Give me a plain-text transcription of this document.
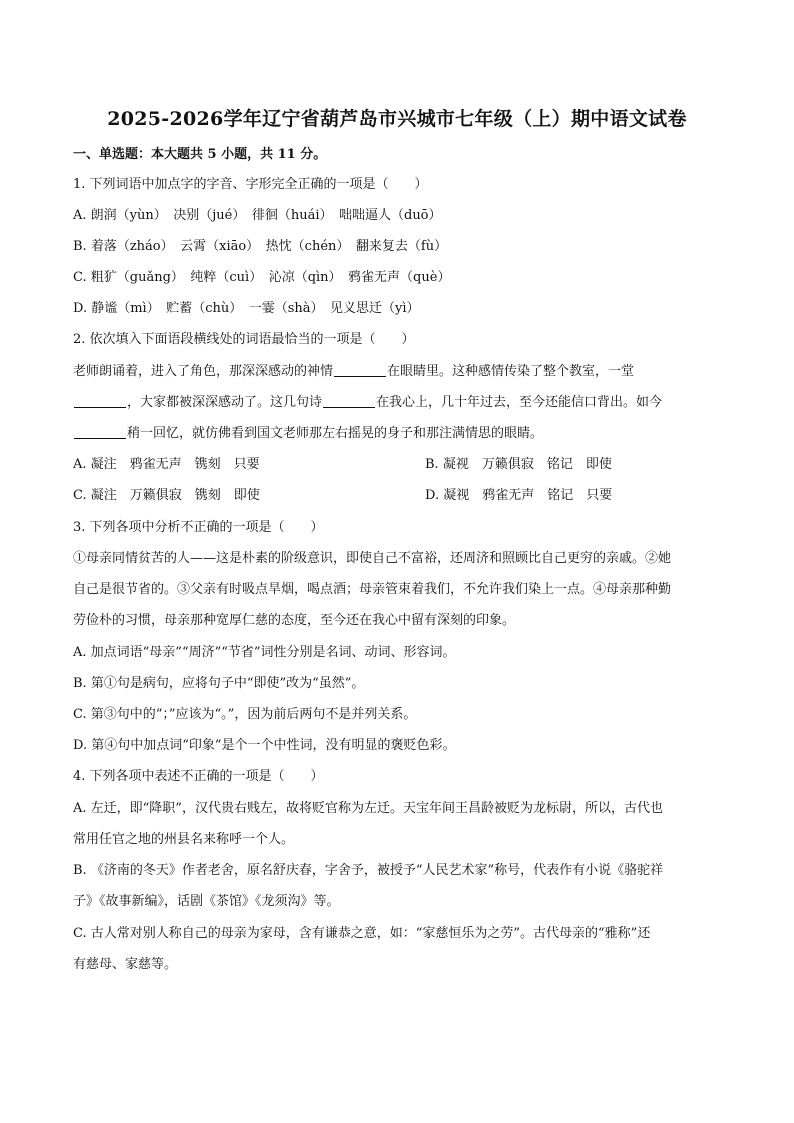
2025-2026学年辽宁省葫芦岛市兴城市七年级（上）期中语文试卷
一、单选题：本大题共 5 小题，共 11 分。
1. 下列词语中加点字的字音、字形完全正确的一项是（　　）
A. 朗润（yùn）　决别（jué）　徘徊（huái）　咄咄逼人（duō）
B. 着落（zháo）　云霄（xiāo）　热忱（chén）　翻来复去（fù）
C. 粗犷（guǎng）　纯粹（cuì）　沁凉（qìn）　鸦雀无声（què）
D. 静谧（mì）　贮蓄（chù）　一霎（shà）　见义思迁（yì）
2. 依次填入下面语段横线处的词语最恰当的一项是（　　）
老师朗诵着，进入了角色，那深深感动的神情	在眼睛里。这种感情传染了整个教室，一堂
，大家都被深深感动了。这几句诗	在我心上，几十年过去，至今还能信口背出。如今
稍一回忆，就仿佛看到国文老师那左右摇晃的身子和那注满情思的眼睛。
A. 凝注　鸦雀无声　镌刻　只要	B. 凝视　万籁俱寂　铭记　即使
C. 凝注　万籁俱寂　镌刻　即使	D. 凝视　鸦雀无声　铭记　只要
3. 下列各项中分析不正确的一项是（　　）
①母亲同情贫苦的人——这是朴素的阶级意识，即使自己不富裕，还周济和照顾比自己更穷的亲戚。②她
自己是很节省的。③父亲有时吸点旱烟，喝点酒；母亲管束着我们，不允许我们染上一点。④母亲那种勤
劳俭朴的习惯，母亲那种宽厚仁慈的态度，至今还在我心中留有深刻的印象。
A. 加点词语“母亲”“周济”“节省”词性分别是名词、动词、形容词。
B. 第①句是病句，应将句子中“即使”改为“虽然”。
C. 第③句中的“；”应该为“。”，因为前后两句不是并列关系。
D. 第④句中加点词“印象”是个一个中性词，没有明显的褒贬色彩。
4. 下列各项中表述不正确的一项是（　　）
A. 左迁，即“降职”，汉代贵右贱左，故将贬官称为左迁。天宝年间王昌龄被贬为龙标尉，所以，古代也
常用任官之地的州县名来称呼一个人。
B. 《济南的冬天》作者老舍，原名舒庆春，字舍予，被授予“人民艺术家”称号，代表作有小说《骆驼祥
子》《故事新编》，话剧《茶馆》《龙须沟》等。
C. 古人常对别人称自己的母亲为家母，含有谦恭之意，如：“家慈恒乐为之劳”。古代母亲的“雅称”还
有慈母、家慈等。
